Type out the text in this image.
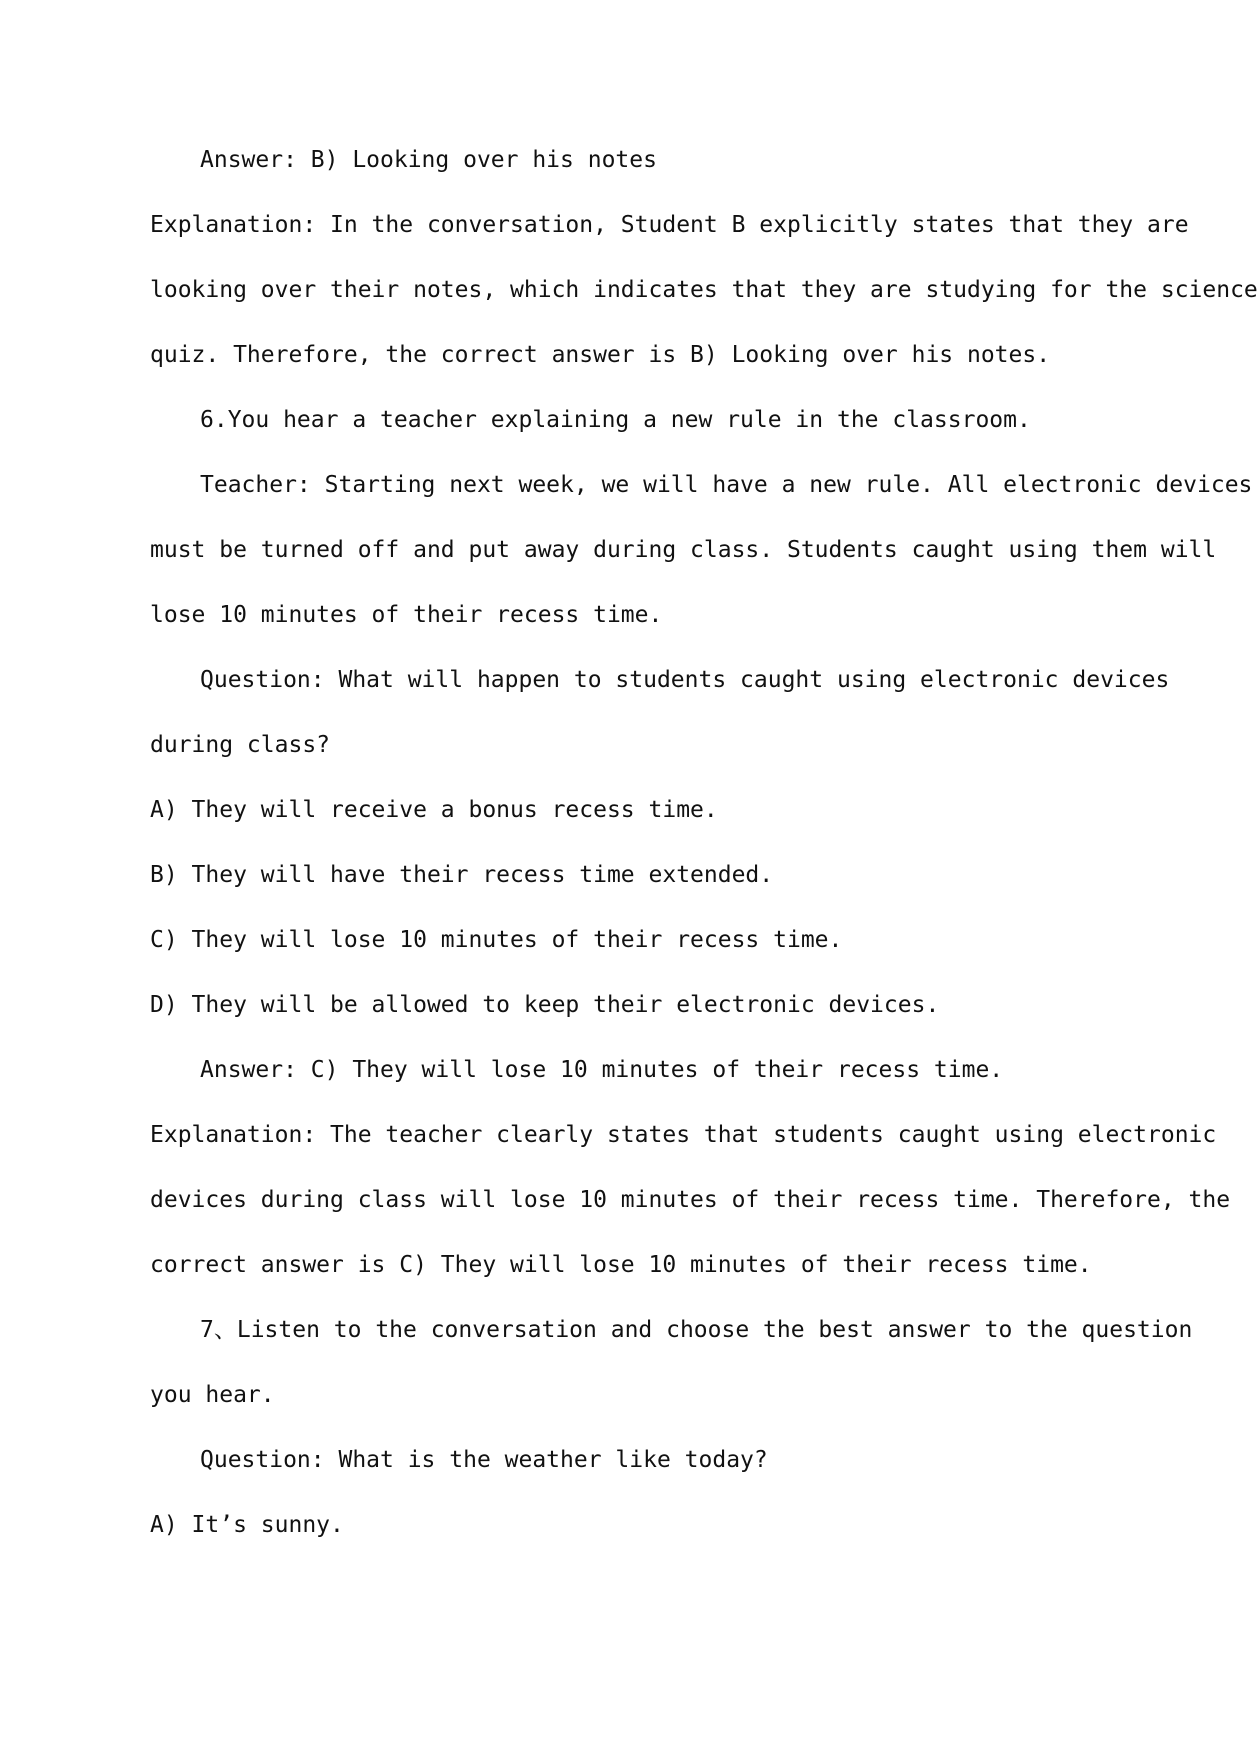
Answer: B) Looking over his notes
Explanation: In the conversation, Student B explicitly states that they are
looking over their notes, which indicates that they are studying for the science
quiz. Therefore, the correct answer is B) Looking over his notes.
6.You hear a teacher explaining a new rule in the classroom.
Teacher: Starting next week, we will have a new rule. All electronic devices
must be turned off and put away during class. Students caught using them will
lose 10 minutes of their recess time.
Question: What will happen to students caught using electronic devices
during class?
A) They will receive a bonus recess time.
B) They will have their recess time extended.
C) They will lose 10 minutes of their recess time.
D) They will be allowed to keep their electronic devices.
Answer: C) They will lose 10 minutes of their recess time.
Explanation: The teacher clearly states that students caught using electronic
devices during class will lose 10 minutes of their recess time. Therefore, the
correct answer is C) They will lose 10 minutes of their recess time.
7、Listen to the conversation and choose the best answer to the question
you hear.
Question: What is the weather like today?
A) It’s sunny.
